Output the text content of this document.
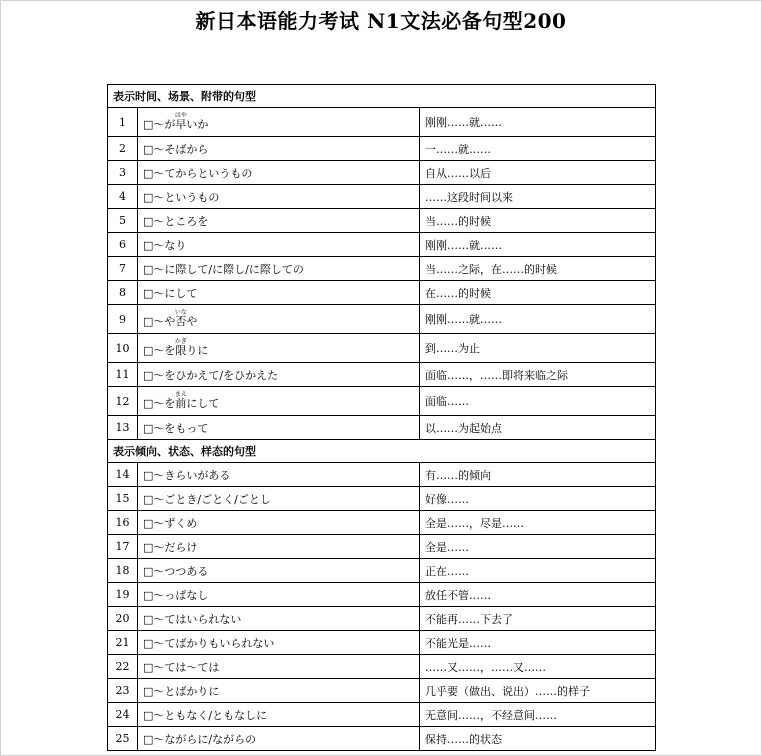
新日本语能力考试 N1文法必备句型200
表示时间、场景、附带的句型		
1	□～が早はやいか	刚刚……就……
2	□～そばから	一……就……
3	□～てからというもの	自从……以后
4	□～というもの	……这段时间以来
5	□～ところを	当……的时候
6	□～なり	刚刚……就……
7	□～に際して/に際し/に際しての	当……之际，在……的时候
8	□～にして	在……的时候
9	□～や否いなや	刚刚……就……
10	□～を限かぎりに	到……为止
11	□～をひかえて/をひかえた	面临……，……即将来临之际
12	□～を前まえにして	面临……
13	□～をもって	以……为起始点
表示倾向、状态、样态的句型		
14	□～きらいがある	有……的倾向
15	□～ごとき/ごとく/ごとし	好像……
16	□～ずくめ	全是……，尽是……
17	□～だらけ	全是……
18	□～つつある	正在……
19	□～っぱなし	放任不管……
20	□～てはいられない	不能再……下去了
21	□～てばかりもいられない	不能光是……
22	□～ては～ては	……又……，……又……
23	□～とばかりに	几乎要（做出、说出）……的样子
24	□～ともなく/ともなしに	无意间……，不经意间……
25	□～ながらに/ながらの	保持……的状态
